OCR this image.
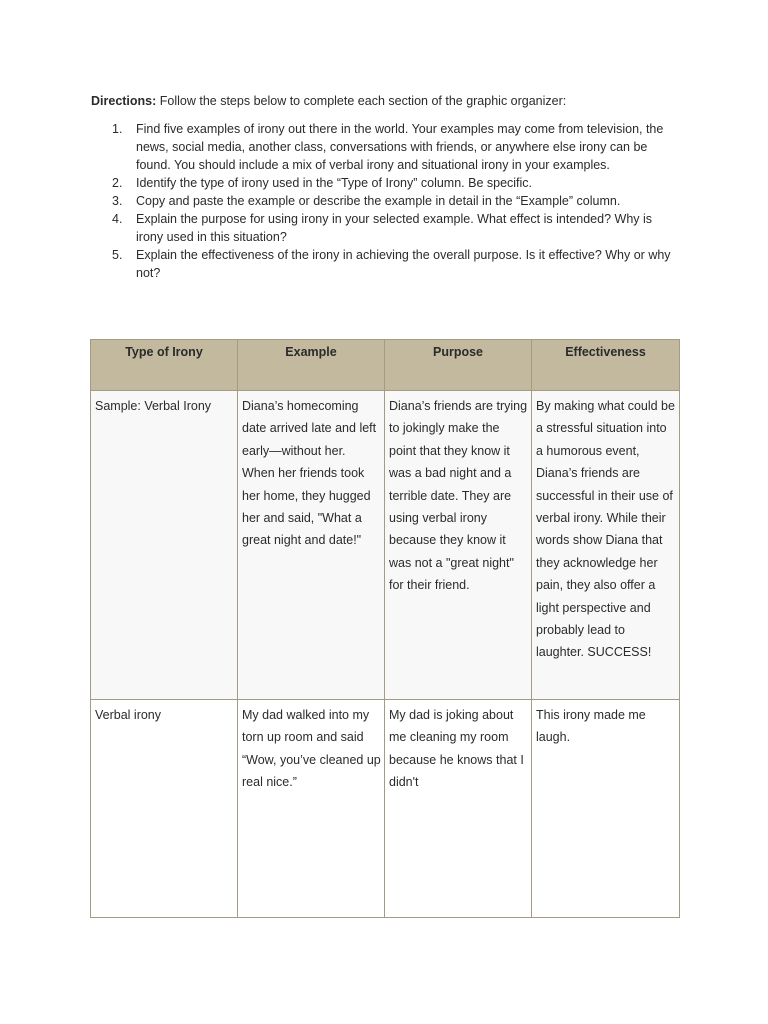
Directions: Follow the steps below to complete each section of the graphic organizer:
1. Find five examples of irony out there in the world. Your examples may come from television, the news, social media, another class, conversations with friends, or anywhere else irony can be found. You should include a mix of verbal irony and situational irony in your examples.
2. Identify the type of irony used in the “Type of Irony” column. Be specific.
3. Copy and paste the example or describe the example in detail in the “Example” column.
4. Explain the purpose for using irony in your selected example. What effect is intended? Why is irony used in this situation?
5. Explain the effectiveness of the irony in achieving the overall purpose. Is it effective? Why or why not?
Type of Irony	Example	Purpose	Effectiveness
Sample: Verbal Irony	Diana’s homecoming date arrived late and left early—without her. When her friends took her home, they hugged her and said, "What a great night and date!"	Diana’s friends are trying to jokingly make the point that they know it was a bad night and a terrible date. They are using verbal irony because they know it was not a "great night" for their friend.	By making what could be a stressful situation into a humorous event, Diana’s friends are successful in their use of verbal irony. While their words show Diana that they acknowledge her pain, they also offer a light perspective and probably lead to laughter. SUCCESS!
Verbal irony	My dad walked into my torn up room and said “Wow, you’ve cleaned up real nice.”	My dad is joking about me cleaning my room because he knows that I didn't	This irony made me laugh.
